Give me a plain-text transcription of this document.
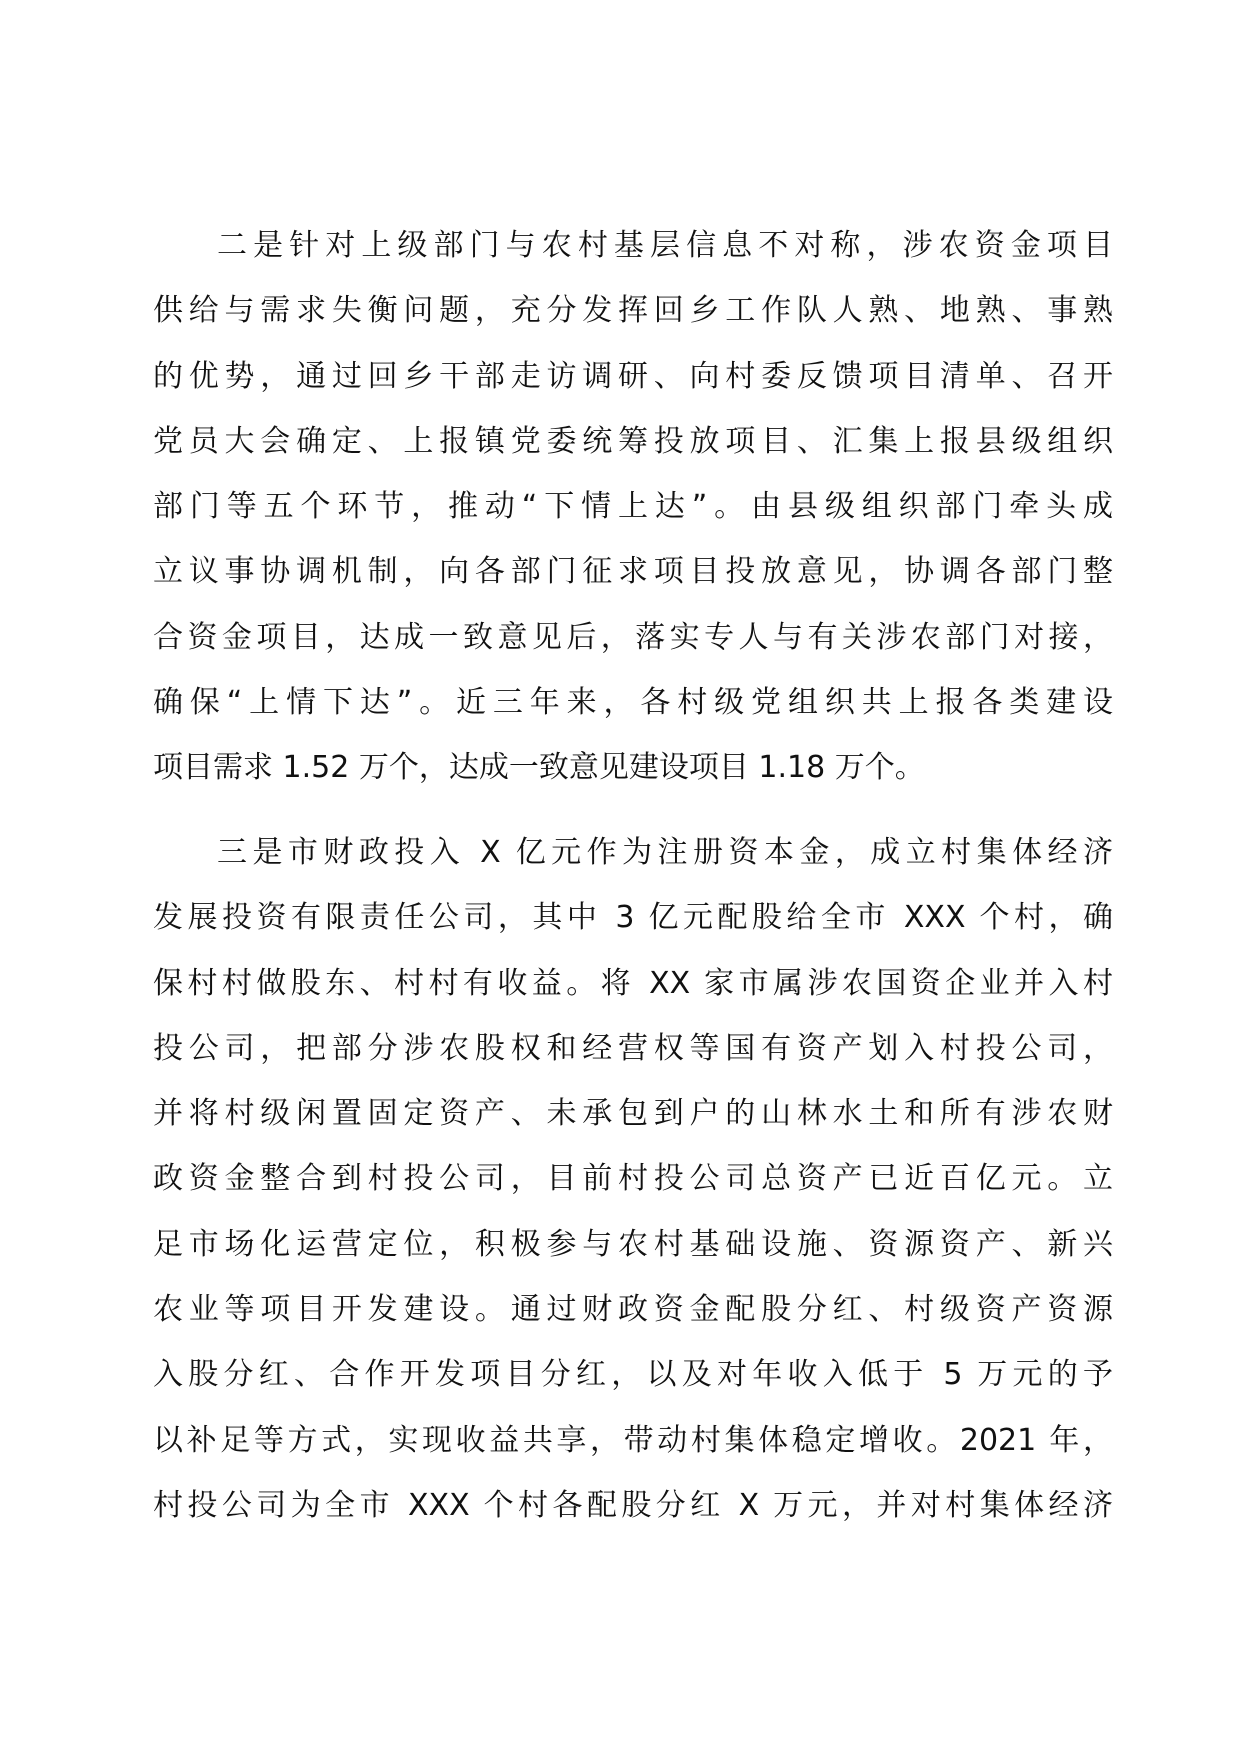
二是针对上级部门与农村基层信息不对称，涉农资金项目
供给与需求失衡问题，充分发挥回乡工作队人熟、地熟、事熟
的优势，通过回乡干部走访调研、向村委反馈项目清单、召开
党员大会确定、上报镇党委统筹投放项目、汇集上报县级组织
部门等五个环节，推动“下情上达”。由县级组织部门牵头成
立议事协调机制，向各部门征求项目投放意见，协调各部门整
合资金项目，达成一致意见后，落实专人与有关涉农部门对接，
确保“上情下达”。近三年来，各村级党组织共上报各类建设
项目需求 1.52 万个，达成一致意见建设项目 1.18 万个。
三是市财政投入 X 亿元作为注册资本金，成立村集体经济
发展投资有限责任公司，其中 3 亿元配股给全市 XXX 个村，确
保村村做股东、村村有收益。将 XX 家市属涉农国资企业并入村
投公司，把部分涉农股权和经营权等国有资产划入村投公司，
并将村级闲置固定资产、未承包到户的山林水土和所有涉农财
政资金整合到村投公司，目前村投公司总资产已近百亿元。立
足市场化运营定位，积极参与农村基础设施、资源资产、新兴
农业等项目开发建设。通过财政资金配股分红、村级资产资源
入股分红、合作开发项目分红，以及对年收入低于 5 万元的予
以补足等方式，实现收益共享，带动村集体稳定增收。2021 年，
村投公司为全市 XXX 个村各配股分红 X 万元，并对村集体经济
